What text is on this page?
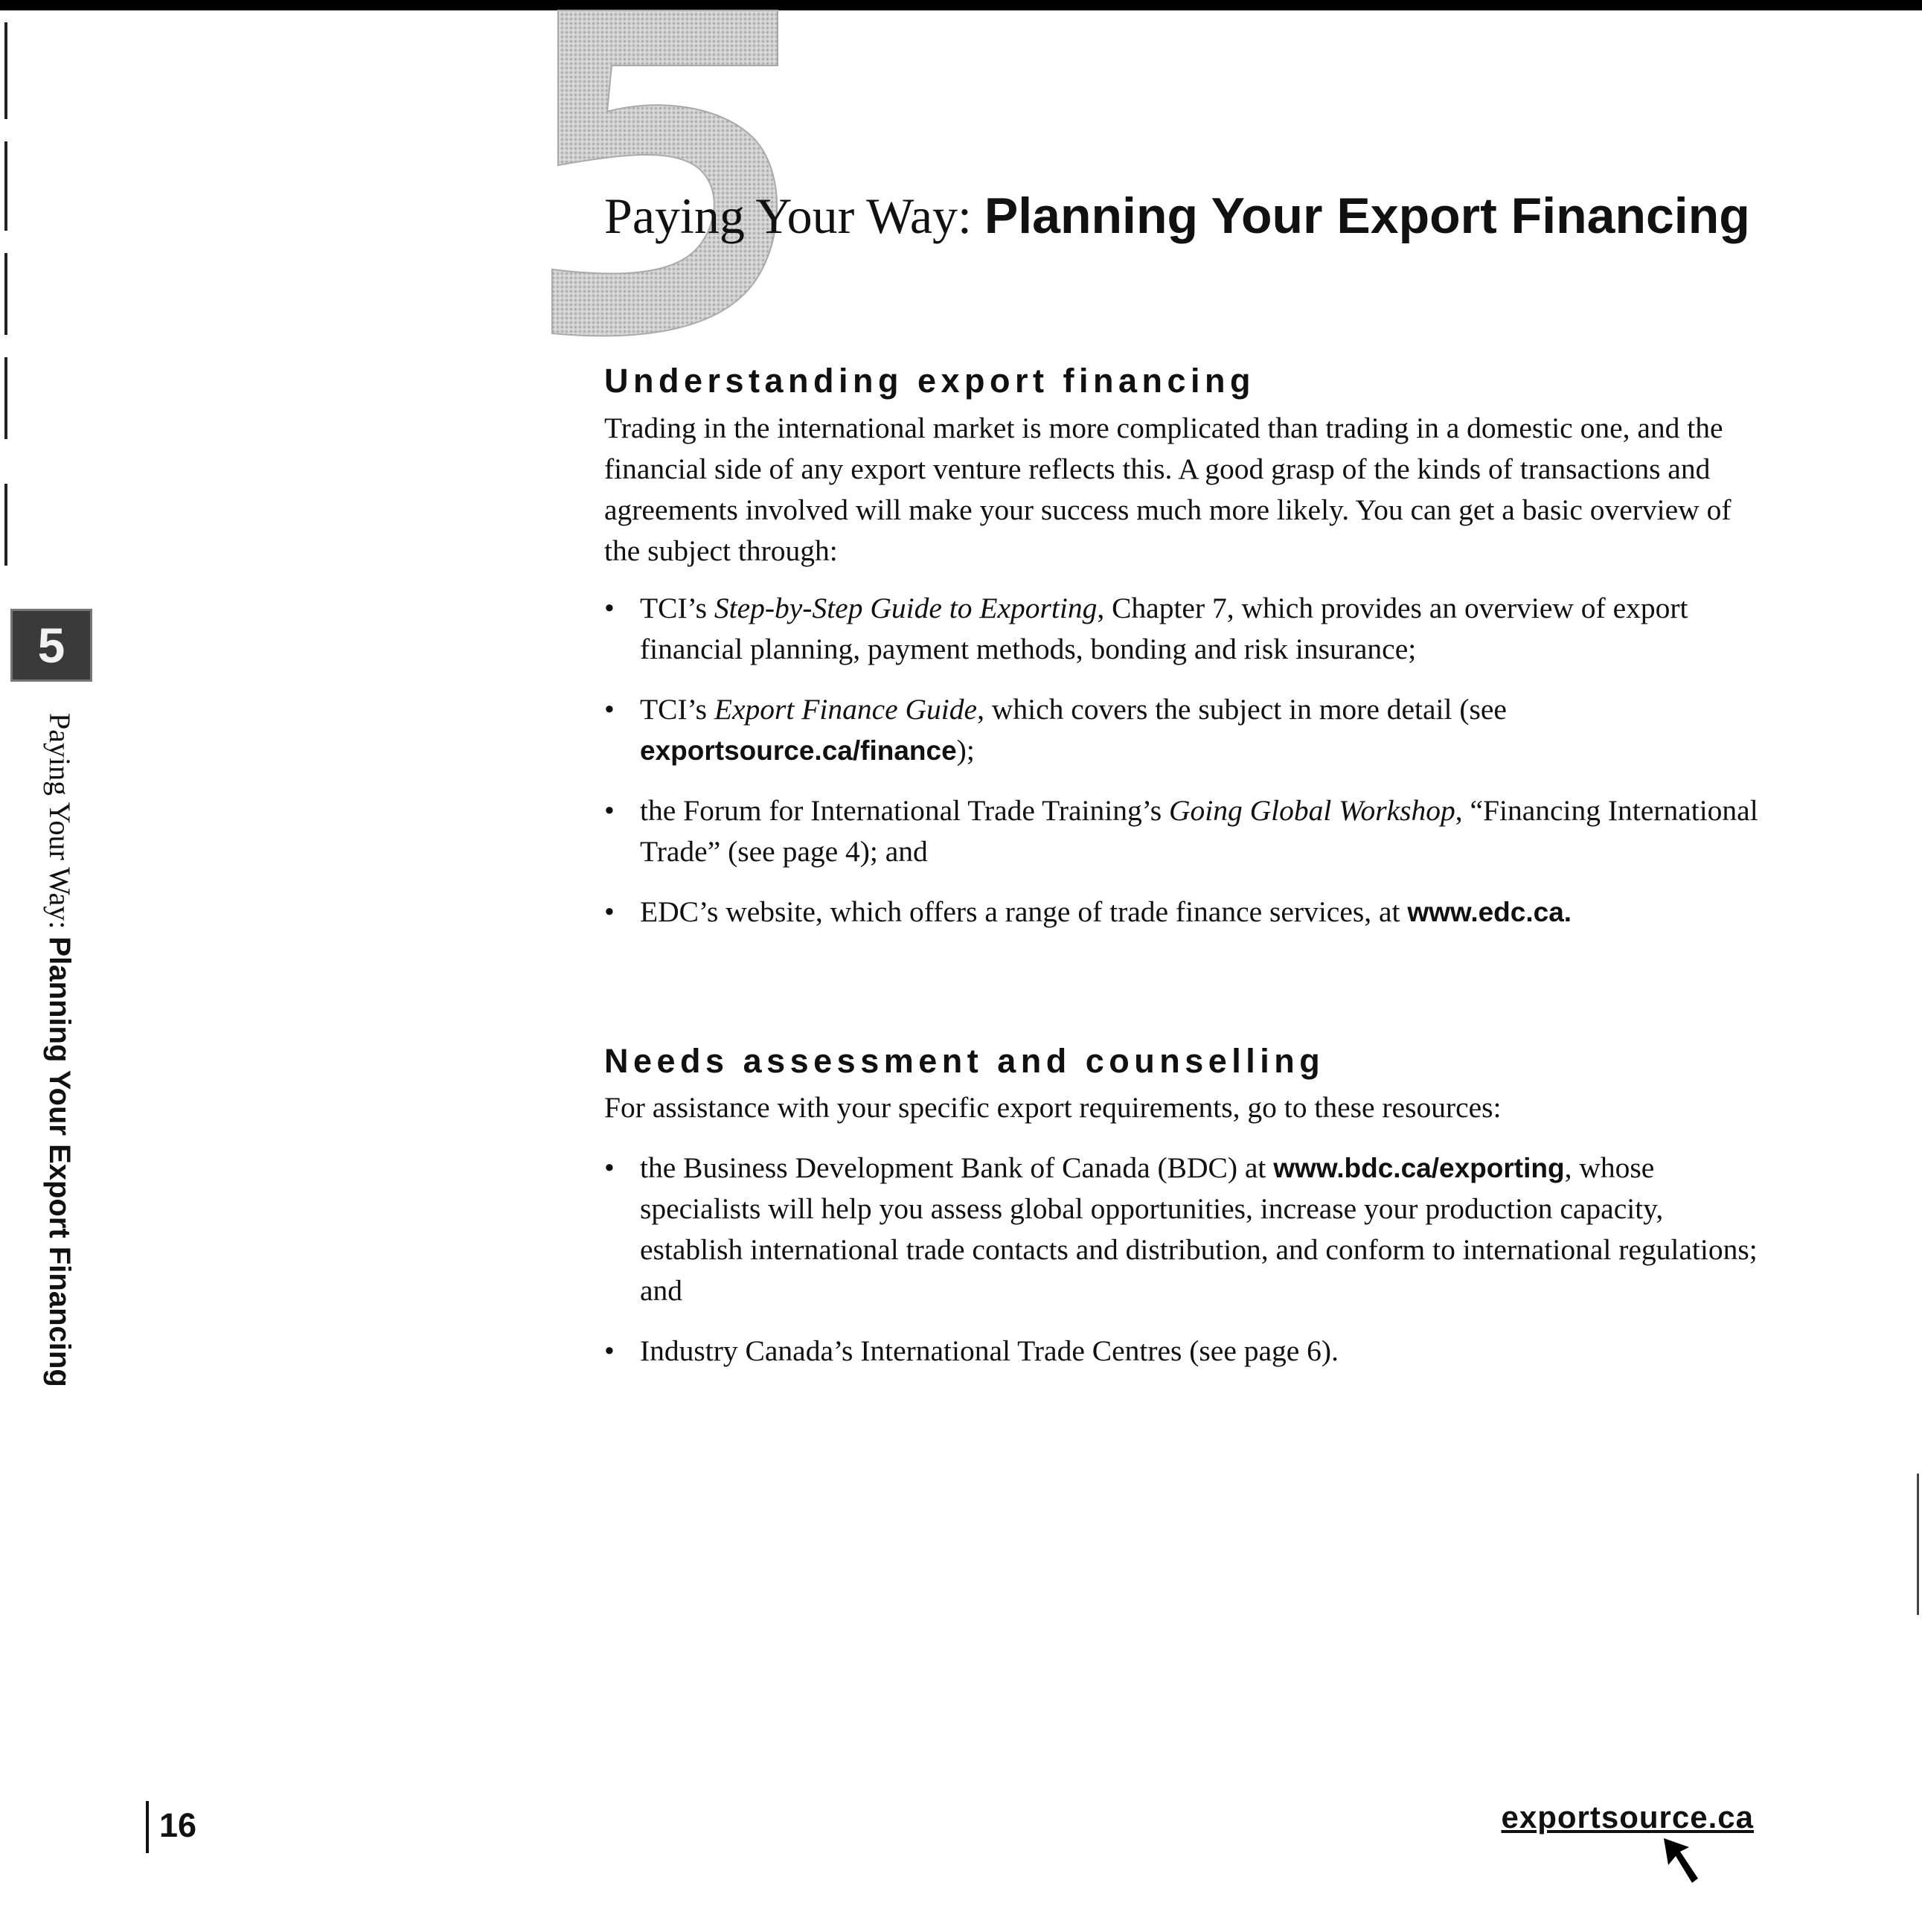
Paying Your Way: Planning Your Export Financing
Understanding export financing
Trading in the international market is more complicated than trading in a domestic one, and the financial side of any export venture reflects this. A good grasp of the kinds of transactions and agreements involved will make your success much more likely. You can get a basic overview of the subject through:
• TCI’s Step-by-Step Guide to Exporting, Chapter 7, which provides an overview of export financial planning, payment methods, bonding and risk insurance;
• TCI’s Export Finance Guide, which covers the subject in more detail (see exportsource.ca/finance);
• the Forum for International Trade Training’s Going Global Workshop, “Financing International Trade” (see page 4); and
• EDC’s website, which offers a range of trade finance services, at www.edc.ca.
Needs assessment and counselling
For assistance with your specific export requirements, go to these resources:
• the Business Development Bank of Canada (BDC) at www.bdc.ca/exporting, whose specialists will help you assess global opportunities, increase your production capacity, establish international trade contacts and distribution, and conform to international regulations; and
• Industry Canada’s International Trade Centres (see page 6).
5
Paying Your Way: Planning Your Export Financing
16	exportsource.ca
